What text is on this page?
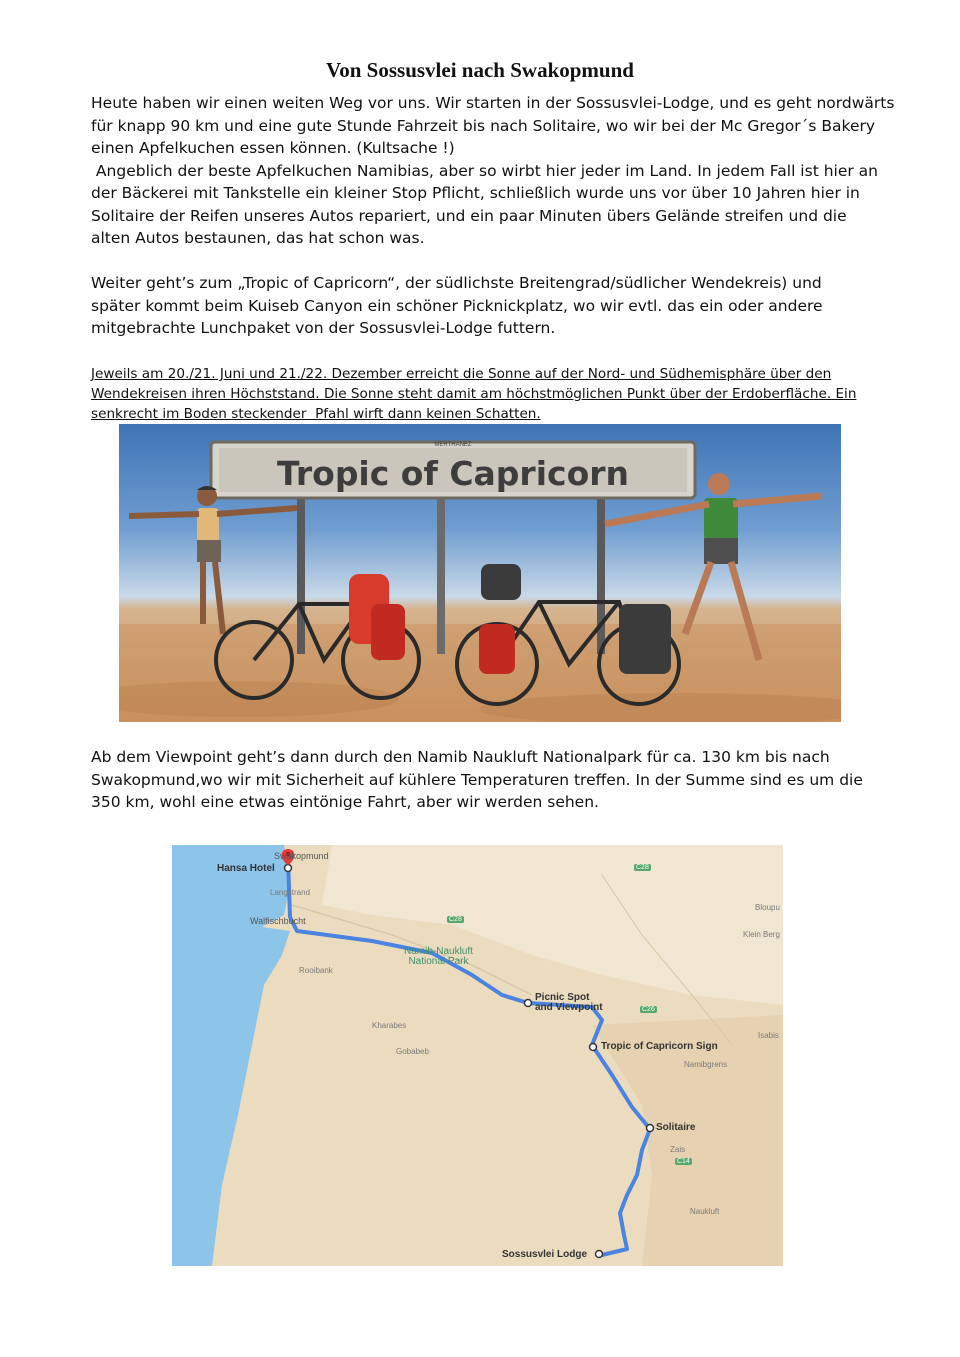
Von Sossusvlei nach Swakopmund

Heute haben wir einen weiten Weg vor uns. Wir starten in der Sossusvlei-Lodge, und es geht nordwärts
für knapp 90 km und eine gute Stunde Fahrzeit bis nach Solitaire, wo wir bei der Mc Gregor´s Bakery
einen Apfelkuchen essen können. (Kultsache !)
Angeblich der beste Apfelkuchen Namibias, aber so wirbt hier jeder im Land. In jedem Fall ist hier an
der Bäckerei mit Tankstelle ein kleiner Stop Pflicht, schließlich wurde uns vor über 10 Jahren hier in
Solitaire der Reifen unseres Autos repariert, und ein paar Minuten übers Gelände streifen und die
alten Autos bestaunen, das hat schon was.

Weiter geht’s zum „Tropic of Capricorn“, der südlichste Breitengrad/südlicher Wendekreis) und
später kommt beim Kuiseb Canyon ein schöner Picknickplatz, wo wir evtl. das ein oder andere
mitgebrachte Lunchpaket von der Sossusvlei-Lodge futtern.

Jeweils am 20./21. Juni und 21./22. Dezember erreicht die Sonne auf der Nord- und Südhemisphäre über den
Wendekreisen ihren Höchststand. Die Sonne steht damit am höchstmöglichen Punkt über der Erdoberfläche. Ein
senkrecht im Boden steckender  Pfahl wirft dann keinen Schatten.
MERTHANEZ
Tropic of Capricorn

Ab dem Viewpoint geht’s dann durch den Namib Naukluft Nationalpark für ca. 130 km bis nach
Swakopmund,wo wir mit Sicherheit auf kühlere Temperaturen treffen. In der Summe sind es um die
350 km, wohl eine etwas eintönige Fahrt, aber wir werden sehen.

Hansa Hotel
Swakopmund
Langstrand
Walfischbucht
Rooibank
Namib-Naukluft
National Park
Picnic Spot
and Viewpoint
Kharabes
Gobabeb	Tropic of Capricorn Sign
Namibgrens
Solitaire
Zais
Naukluft
Sossusvlei Lodge
Bloupu
Klein Berg
Isabis
C28
C28
C26
C14
